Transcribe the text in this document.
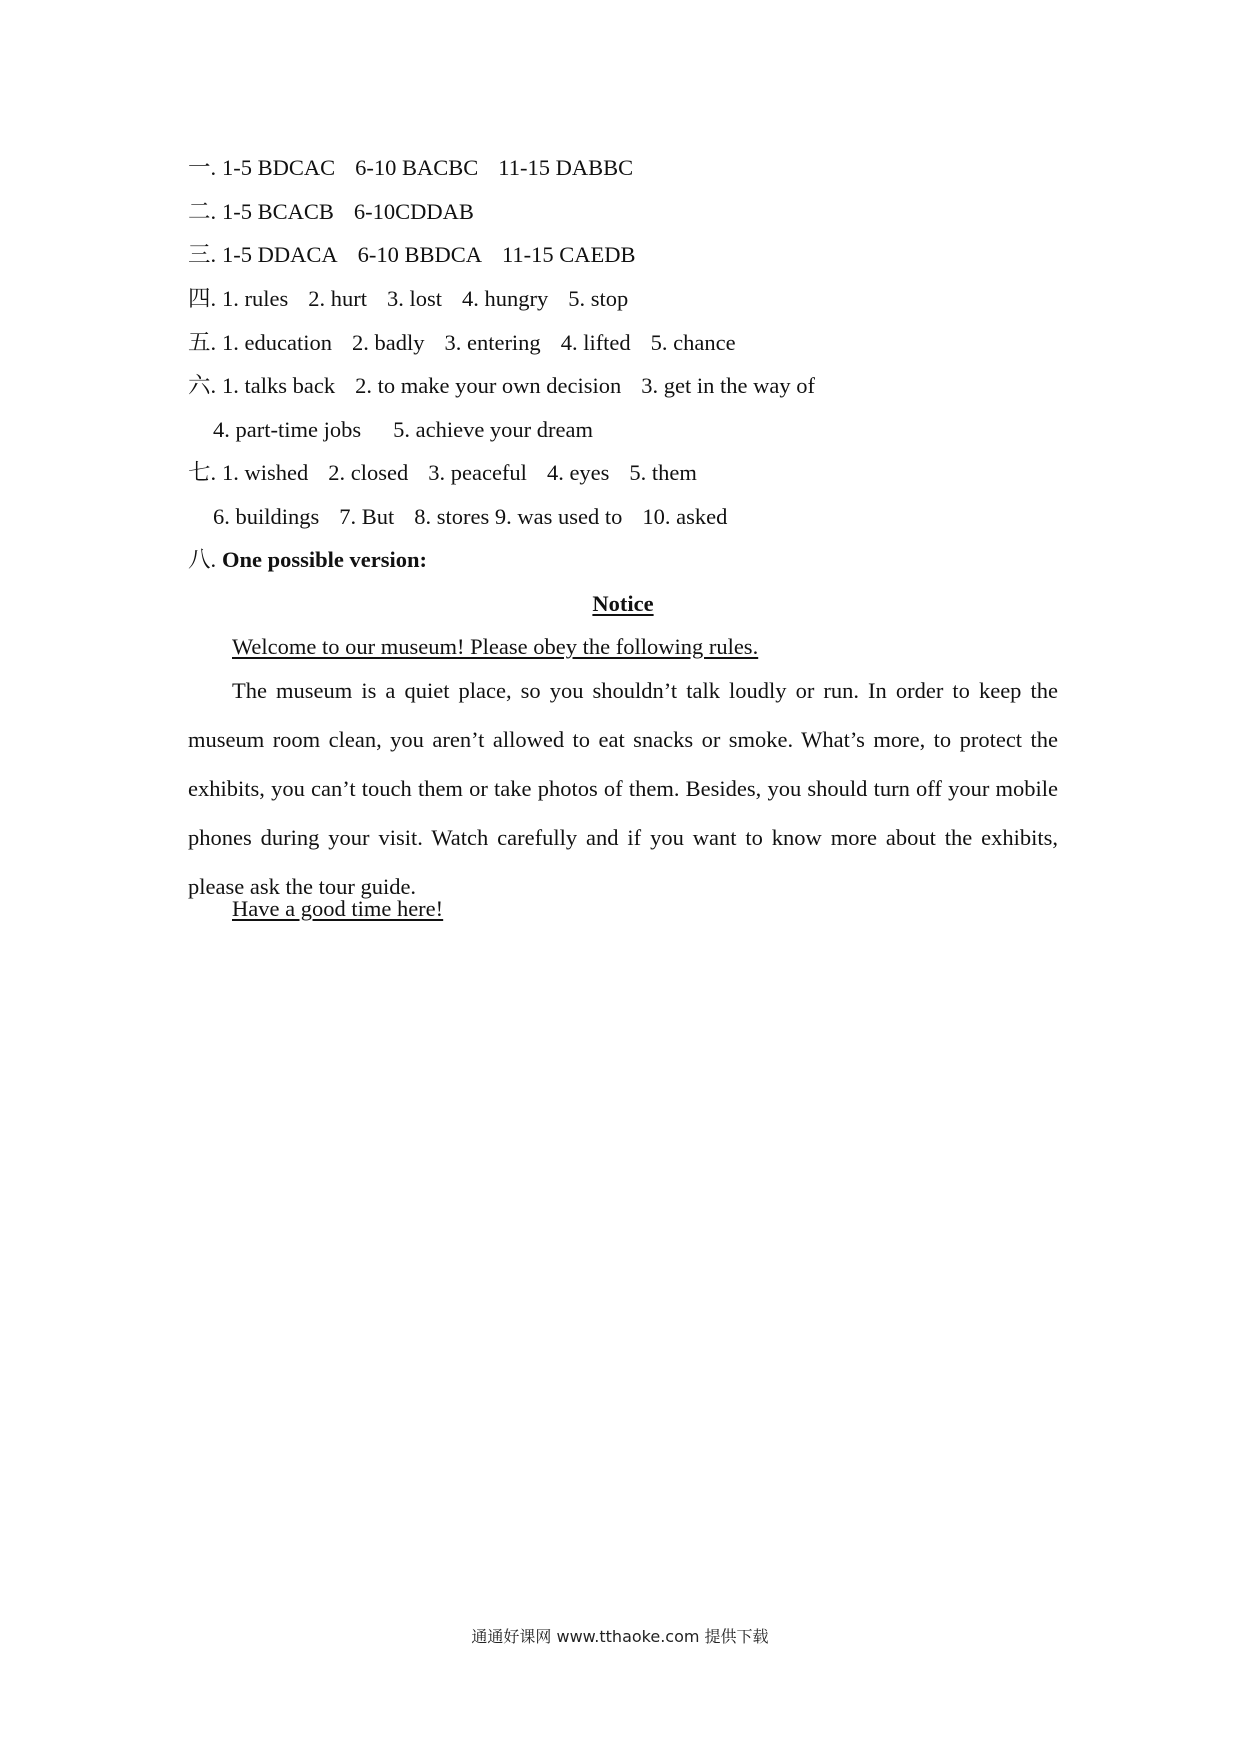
一. 1-5 BDCAC 6-10 BACBC 11-15 DABBC
二. 1-5 BCACB 6-10CDDAB
三. 1-5 DDACA 6-10 BBDCA 11-15 CAEDB
四. 1. rules 2. hurt 3. lost 4. hungry 5. stop
五. 1. education 2. badly 3. entering 4. lifted 5. chance
六. 1. talks back 2. to make your own decision 3. get in the way of
4. part-time jobs 5. achieve your dream
七. 1. wished 2. closed 3. peaceful 4. eyes 5. them
6. buildings 7. But 8. stores 9. was used to 10. asked
八. One possible version:
Notice
Welcome to our museum! Please obey the following rules.
The museum is a quiet place, so you shouldn’t talk loudly or run. In order to keep the museum room clean, you aren’t allowed to eat snacks or smoke. What’s more, to protect the exhibits, you can’t touch them or take photos of them. Besides, you should turn off your mobile phones during your visit. Watch carefully and if you want to know more about the exhibits, please ask the tour guide.
Have a good time here!
通通好课网 www.tthaoke.com 提供下载
